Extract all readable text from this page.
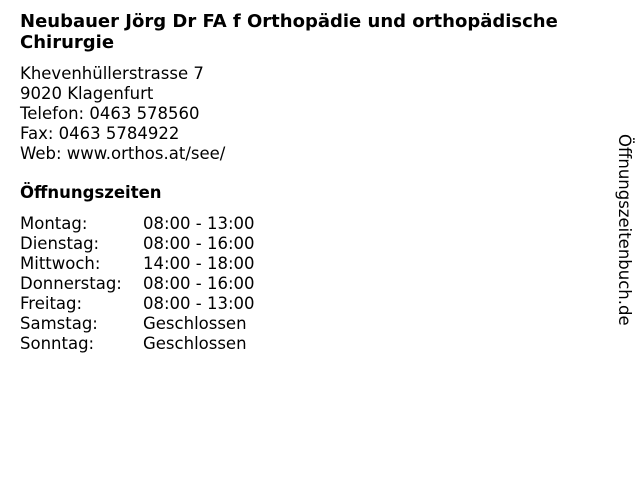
Neubauer Jörg Dr FA f Orthopädie und orthopädische Chirurgie
Khevenhüllerstrasse 7
9020 Klagenfurt
Telefon: 0463 578560
Fax: 0463 5784922
Web: www.orthos.at/see/
Öffnungszeiten
Montag:	08:00 - 13:00
Dienstag:	08:00 - 16:00
Mittwoch:	14:00 - 18:00
Donnerstag:	08:00 - 16:00
Freitag:	08:00 - 13:00
Samstag:	Geschlossen
Sonntag:	Geschlossen
Öffnungszeitenbuch.de
